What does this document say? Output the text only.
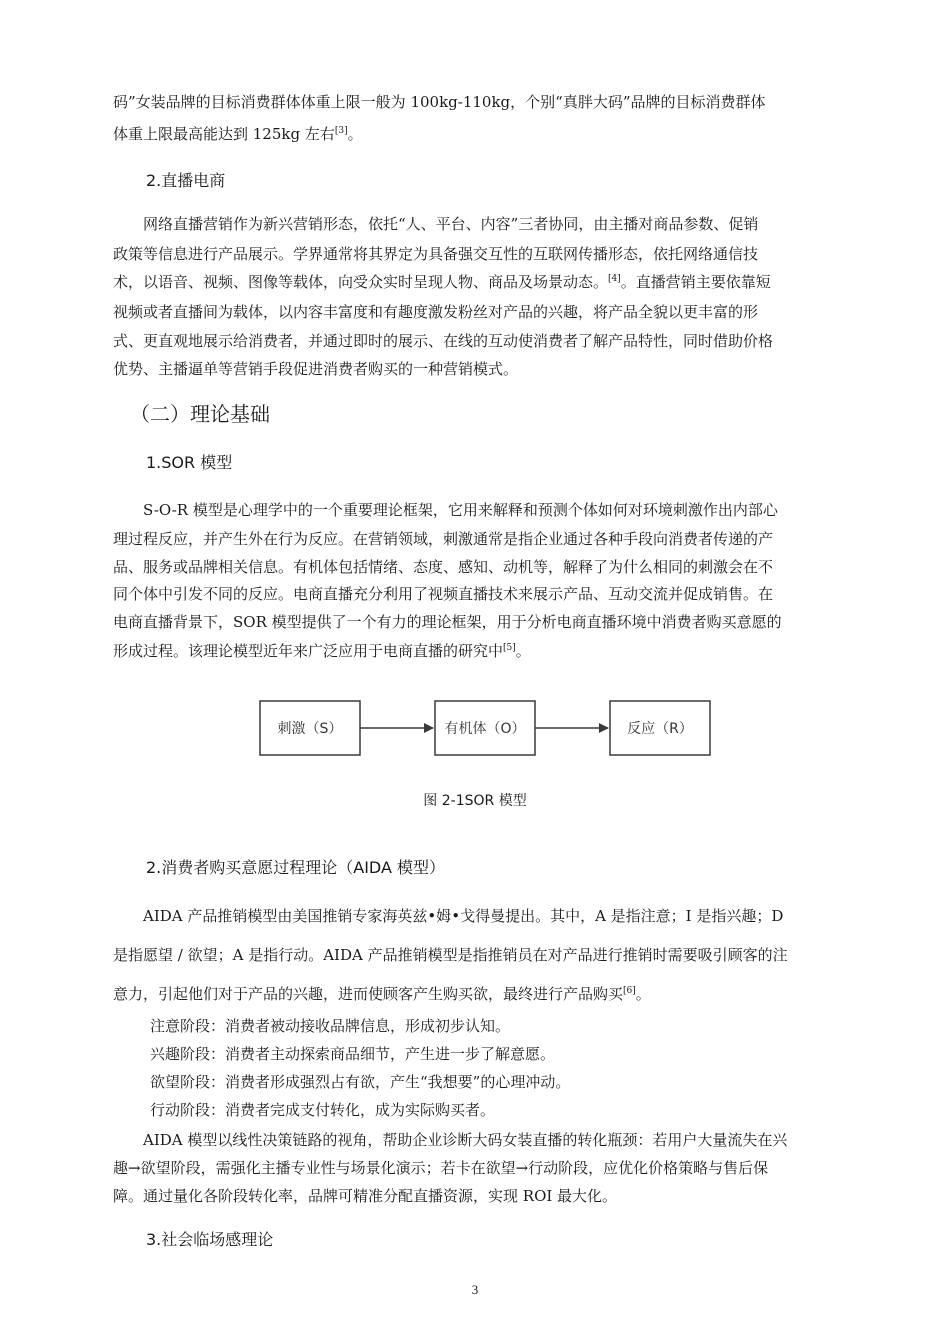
码”女装品牌的目标消费群体体重上限一般为 100kg-110kg，个别“真胖大码”品牌的目标消费群体
体重上限最高能达到 125kg 左右[3]。
2.直播电商
网络直播营销作为新兴营销形态，依托“人、平台、内容”三者协同，由主播对商品参数、促销
政策等信息进行产品展示。学界通常将其界定为具备强交互性的互联网传播形态，依托网络通信技
术，以语音、视频、图像等载体，向受众实时呈现人物、商品及场景动态。[4]。直播营销主要依靠短
视频或者直播间为载体，以内容丰富度和有趣度激发粉丝对产品的兴趣，将产品全貌以更丰富的形
式、更直观地展示给消费者，并通过即时的展示、在线的互动使消费者了解产品特性，同时借助价格
优势、主播逼单等营销手段促进消费者购买的一种营销模式。
（二）理论基础
1.SOR 模型
S-O-R 模型是心理学中的一个重要理论框架，它用来解释和预测个体如何对环境刺激作出内部心
理过程反应，并产生外在行为反应。在营销领域，刺激通常是指企业通过各种手段向消费者传递的产
品、服务或品牌相关信息。有机体包括情绪、态度、感知、动机等，解释了为什么相同的刺激会在不
同个体中引发不同的反应。电商直播充分利用了视频直播技术来展示产品、互动交流并促成销售。在
电商直播背景下，SOR 模型提供了一个有力的理论框架，用于分析电商直播环境中消费者购买意愿的
形成过程。该理论模型近年来广泛应用于电商直播的研究中[5]。
刺激（S）	有机体（O）	反应（R）
图 2-1SOR 模型
2.消费者购买意愿过程理论（AIDA 模型）
AIDA 产品推销模型由美国推销专家海英兹•姆•戈得曼提出。其中，A 是指注意；I 是指兴趣；D
是指愿望 / 欲望；A 是指行动。AIDA 产品推销模型是指推销员在对产品进行推销时需要吸引顾客的注
意力，引起他们对于产品的兴趣，进而使顾客产生购买欲，最终进行产品购买[6]。
注意阶段：消费者被动接收品牌信息，形成初步认知。
兴趣阶段：消费者主动探索商品细节，产生进一步了解意愿。
欲望阶段：消费者形成强烈占有欲，产生“我想要”的心理冲动。
行动阶段：消费者完成支付转化，成为实际购买者。
AIDA 模型以线性决策链路的视角，帮助企业诊断大码女装直播的转化瓶颈：若用户大量流失在兴
趣→欲望阶段，需强化主播专业性与场景化演示；若卡在欲望→行动阶段，应优化价格策略与售后保
障。通过量化各阶段转化率，品牌可精准分配直播资源，实现 ROI 最大化。
3.社会临场感理论
3
